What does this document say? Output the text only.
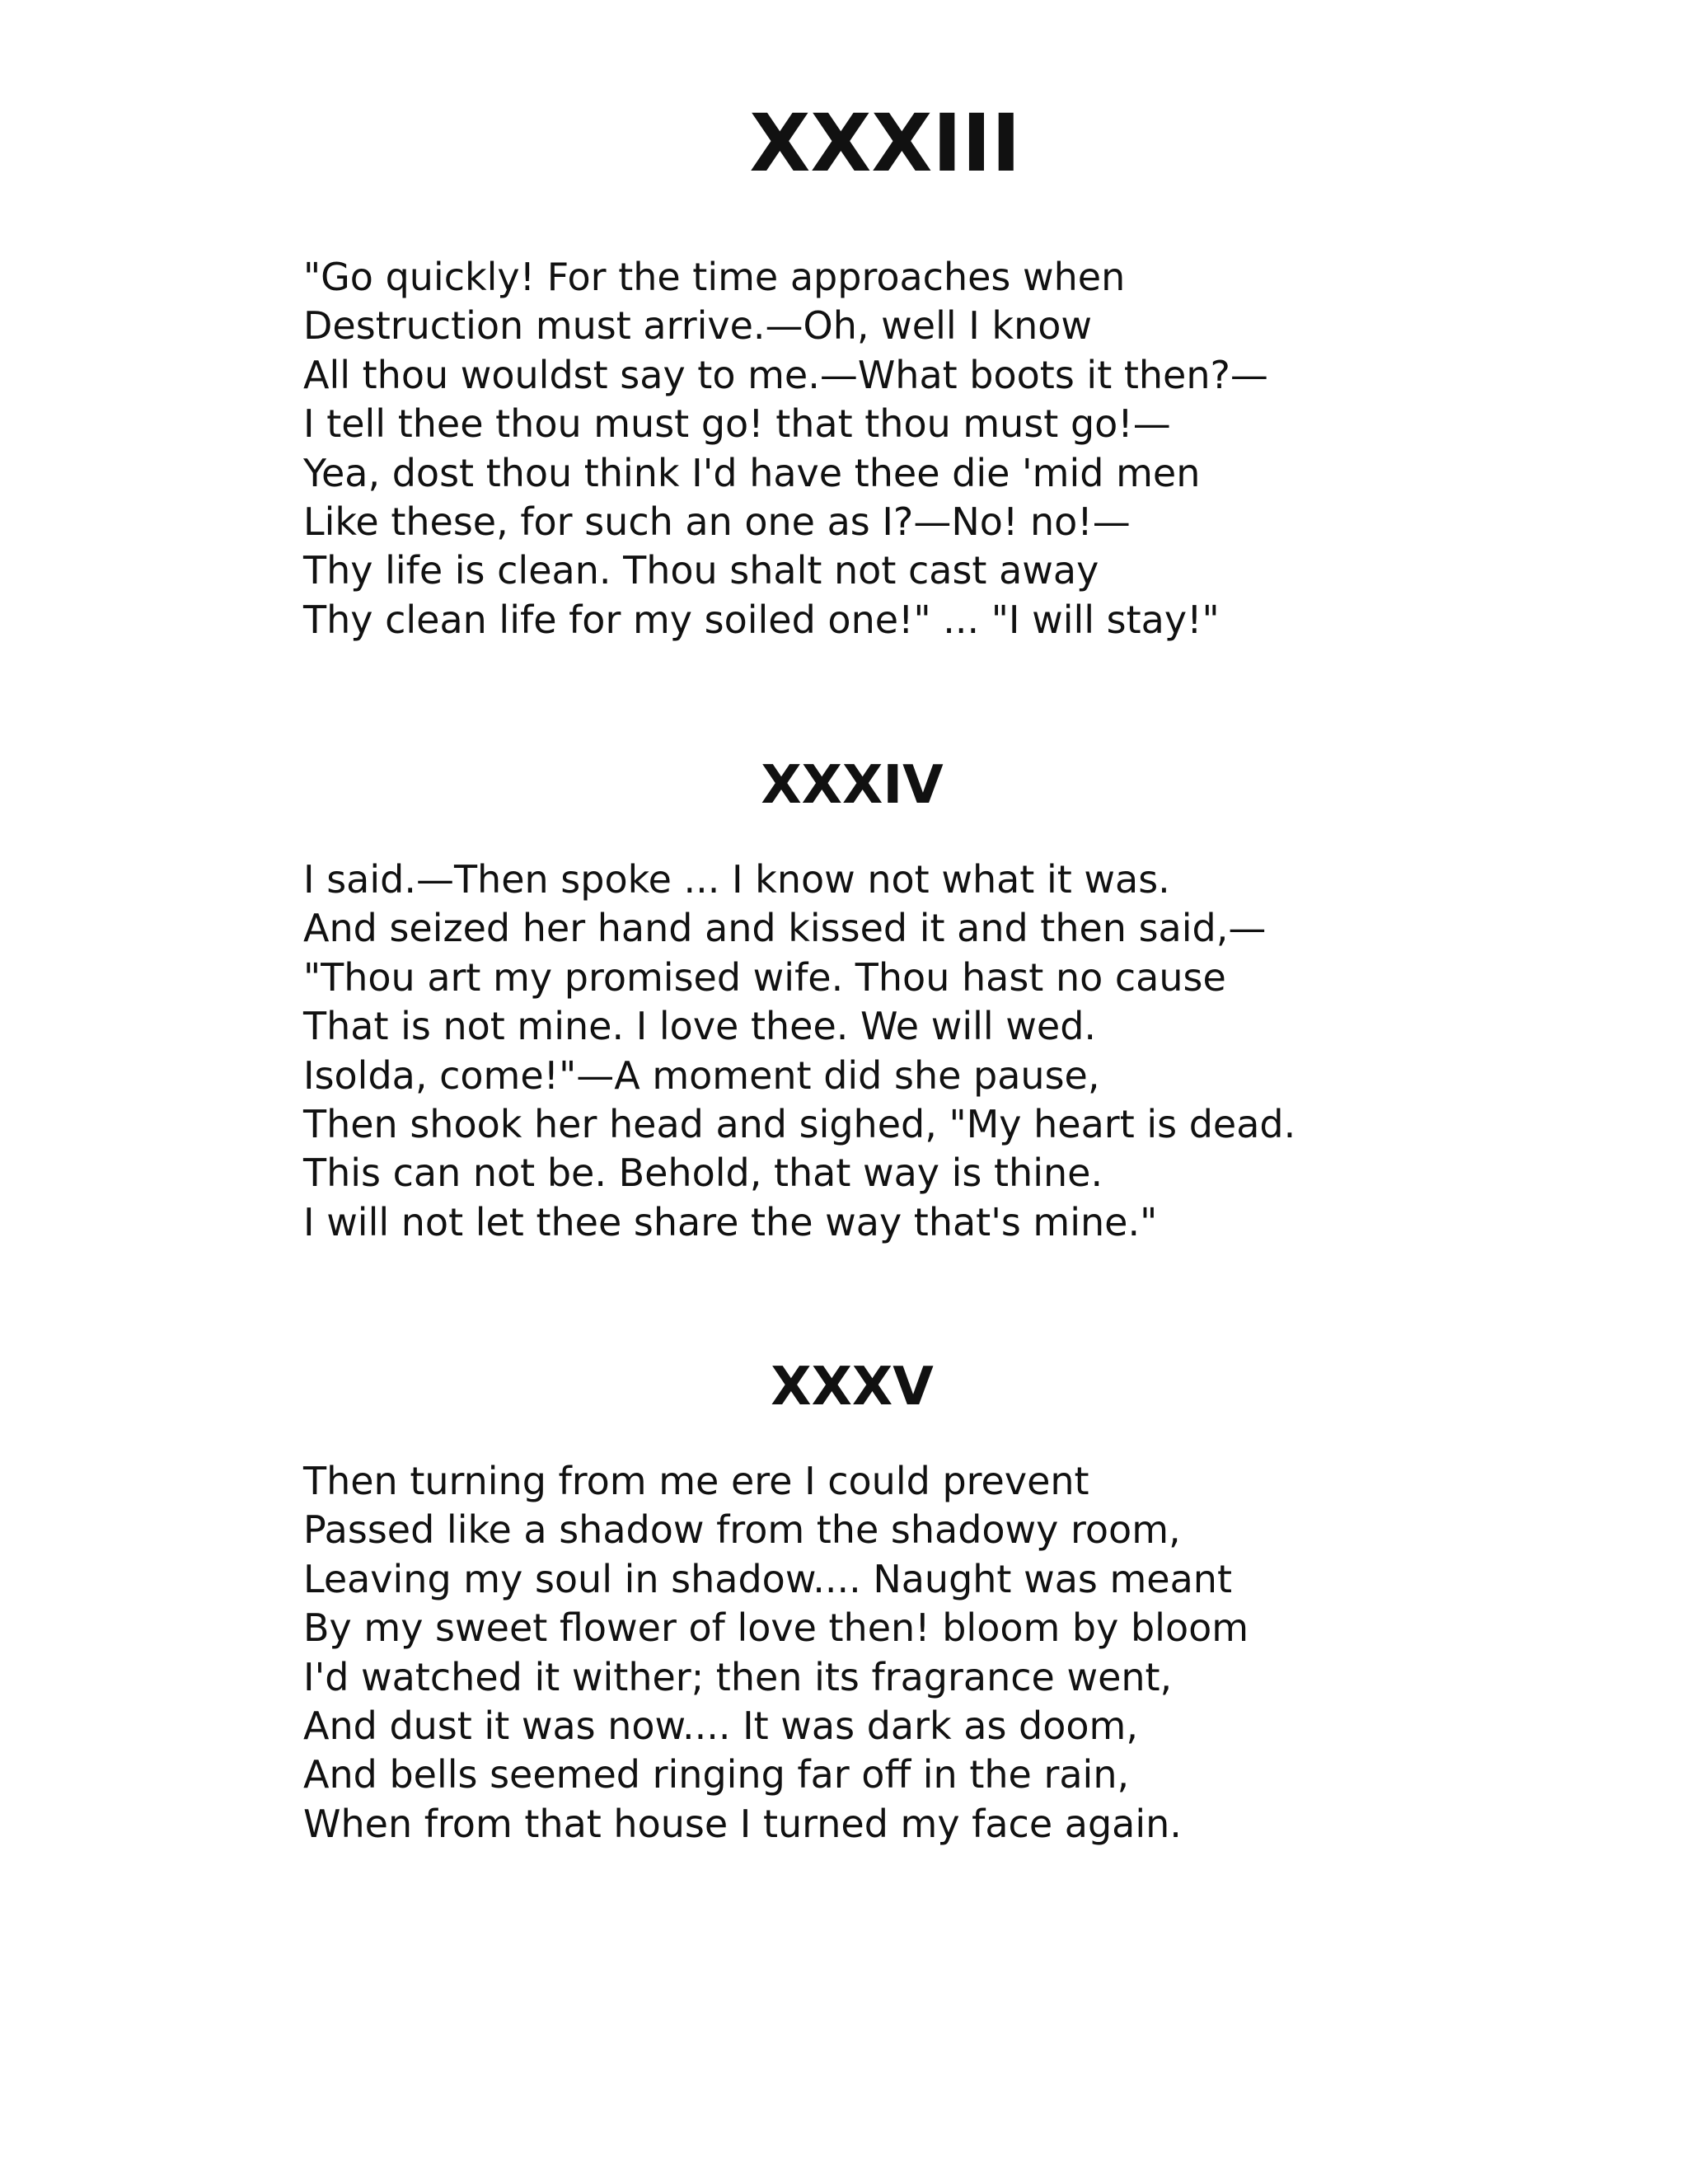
XXXIII
"Go quickly! For the time approaches when
Destruction must arrive.—Oh, well I know
All thou wouldst say to me.—What boots it then?—
I tell thee thou must go! that thou must go!—
Yea, dost thou think I'd have thee die 'mid men
Like these, for such an one as I?—No! no!—
Thy life is clean. Thou shalt not cast away
Thy clean life for my soiled one!" ... "I will stay!"
XXXIV
I said.—Then spoke ... I know not what it was.
And seized her hand and kissed it and then said,—
"Thou art my promised wife. Thou hast no cause
That is not mine. I love thee. We will wed.
Isolda, come!"—A moment did she pause,
Then shook her head and sighed, "My heart is dead.
This can not be. Behold, that way is thine.
I will not let thee share the way that's mine."
XXXV
Then turning from me ere I could prevent
Passed like a shadow from the shadowy room,
Leaving my soul in shadow.... Naught was meant
By my sweet flower of love then! bloom by bloom
I'd watched it wither; then its fragrance went,
And dust it was now.... It was dark as doom,
And bells seemed ringing far off in the rain,
When from that house I turned my face again.
